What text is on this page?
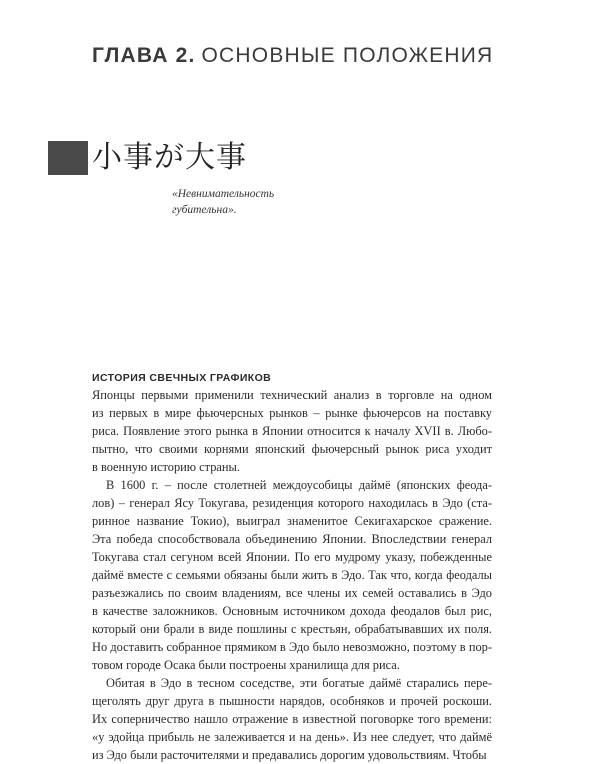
ГЛАВА 2. ОСНОВНЫЕ ПОЛОЖЕНИЯ
小事が大事
«Невнимательность
губительна».
ИСТОРИЯ СВЕЧНЫХ ГРАФИКОВ
Японцы первыми применили технический анализ в торговле на одном
из первых в мире фьючерсных рынков – рынке фьючерсов на поставку
риса. Появление этого рынка в Японии относится к началу XVII в. Любо-
пытно, что своими корнями японский фьючерсный рынок риса уходит
в военную историю страны.
В 1600 г. – после столетней междоусобицы даймё (японских феода-
лов) – генерал Ясу Токугава, резиденция которого находилась в Эдо (ста-
ринное название Токио), выиграл знаменитое Секигахарское сражение.
Эта победа способствовала объединению Японии. Впоследствии генерал
Токугава стал сегуном всей Японии. По его мудрому указу, побежденные
даймё вместе с семьями обязаны были жить в Эдо. Так что, когда феодалы
разъезжались по своим владениям, все члены их семей оставались в Эдо
в качестве заложников. Основным источником дохода феодалов был рис,
который они брали в виде пошлины с крестьян, обрабатывавших их поля.
Но доставить собранное прямиком в Эдо было невозможно, поэтому в пор-
товом городе Осака были построены хранилища для риса.
Обитая в Эдо в тесном соседстве, эти богатые даймё старались пере-
щеголять друг друга в пышности нарядов, особняков и прочей роскоши.
Их соперничество нашло отражение в известной поговорке того времени:
«у эдойца прибыль не залеживается и на день». Из нее следует, что даймё
из Эдо были расточителями и предавались дорогим удовольствиям. Чтобы
